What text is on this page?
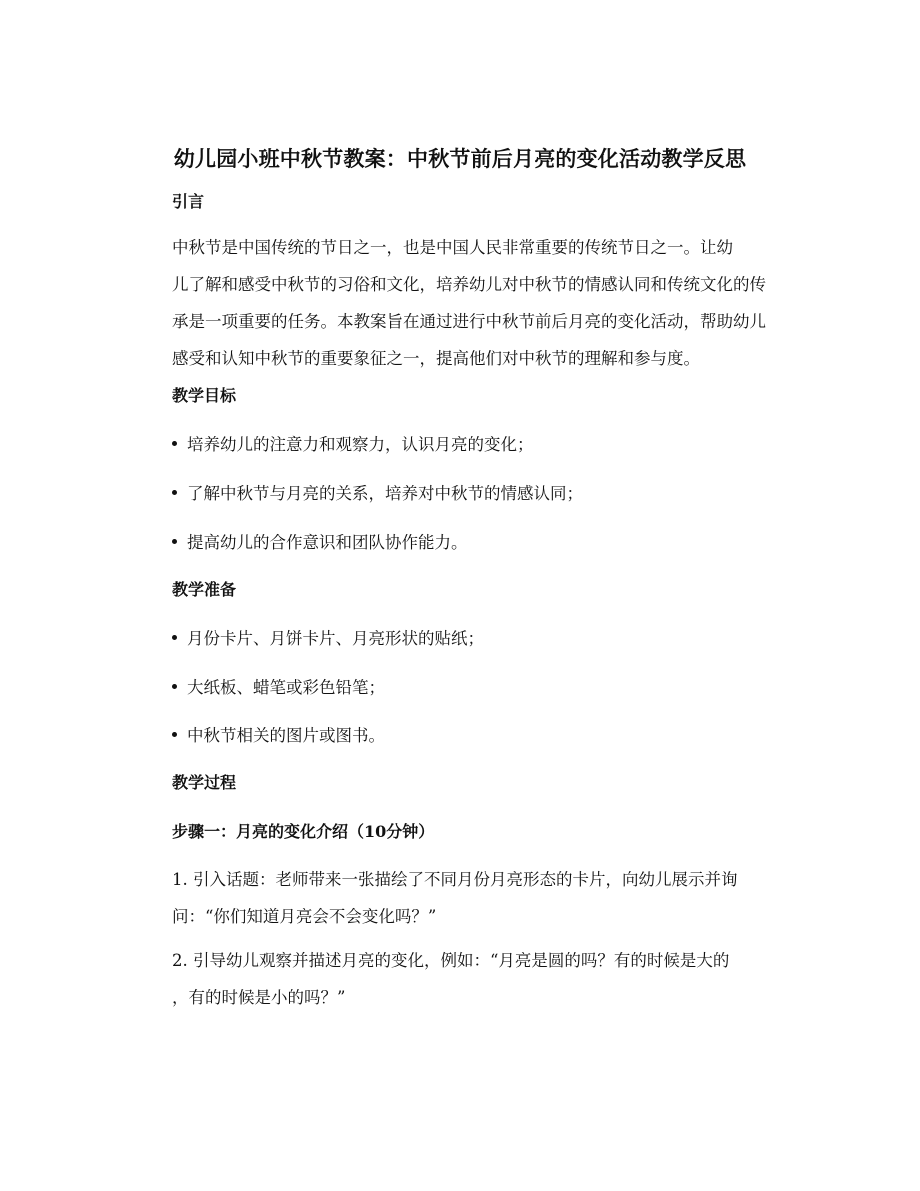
幼儿园小班中秋节教案：中秋节前后月亮的变化活动教学反思
引言
中秋节是中国传统的节日之一，也是中国人民非常重要的传统节日之一。让幼
儿了解和感受中秋节的习俗和文化，培养幼儿对中秋节的情感认同和传统文化的传
承是一项重要的任务。本教案旨在通过进行中秋节前后月亮的变化活动，帮助幼儿
感受和认知中秋节的重要象征之一，提高他们对中秋节的理解和参与度。
教学目标
培养幼儿的注意力和观察力，认识月亮的变化；
了解中秋节与月亮的关系，培养对中秋节的情感认同；
提高幼儿的合作意识和团队协作能力。
教学准备
月份卡片、月饼卡片、月亮形状的贴纸；
大纸板、蜡笔或彩色铅笔；
中秋节相关的图片或图书。
教学过程
步骤一：月亮的变化介绍（10分钟）
1. 引入话题：老师带来一张描绘了不同月份月亮形态的卡片，向幼儿展示并询
问：“你们知道月亮会不会变化吗？”
2. 引导幼儿观察并描述月亮的变化，例如：“月亮是圆的吗？有的时候是大的
，有的时候是小的吗？”
